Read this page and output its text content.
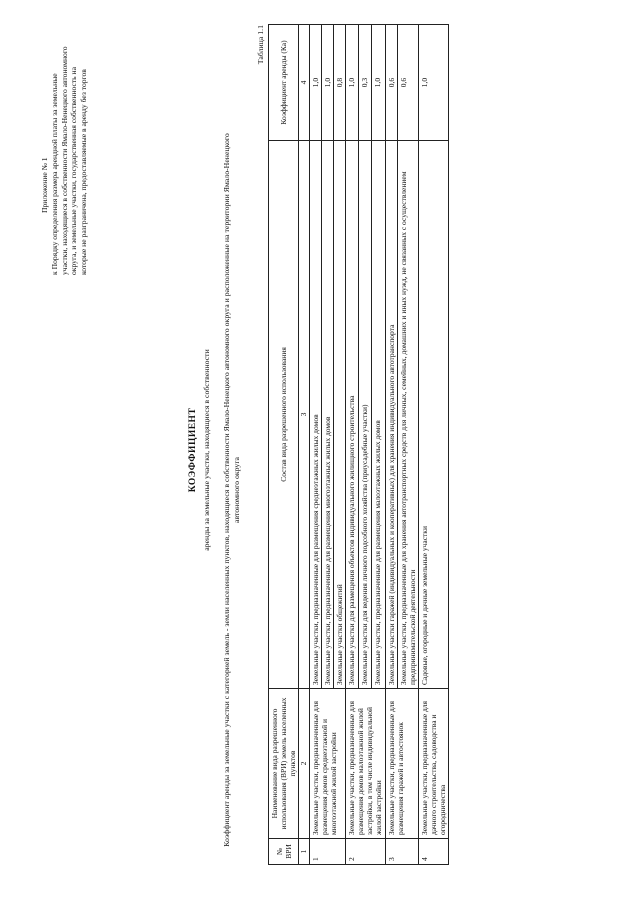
Приложение № 1 к Порядку определения размера арендной платы за земельные участки, находящиеся в собственности Ямало-Ненецкого автономного округа, и земельные участки, государственная собственность на которые не разграничена, предоставляемые в аренду без торгов
КОЭФФИЦИЕНТ аренды за земельные участки, находящиеся в собственности Коэффициент аренды за земельные участки с категорией земель - земли населенных пунктов, находящиеся в собственности Ямало-Ненецкого автономного округа и расположенные на территории Ямало-Ненецкого автономного округа
Таблица 1.1
№ ВРИ	Наименование вида разрешенного использования (ВРИ) земель населенных пунктов	Состав вида разрешенного использования	Коэффициент аренды (Ка)
1	2	3	4
1	Земельные участки, предназначенные для размещения домов среднеэтажной и многоэтажной жилой застройки	Земельные участки, предназначенные для размещения среднеэтажных жилых домов	1,0
		Земельные участки, предназначенные для размещения многоэтажных жилых домов	1,0
		Земельные участки общежитий	0,8
2	Земельные участки, предназначенные для размещения домов малоэтажной жилой застройки, в том числе индивидуальной жилой застройки	Земельные участки для размещения объектов индивидуального жилищного строительства	1,0
		Земельные участки для ведения личного подсобного хозяйства (приусадебные участки)	0,3
		Земельные участки, предназначенные для размещения малоэтажных жилых домов	1,0
3	Земельные участки, предназначенные для размещения гаражей и автостоянок	Земельные участки гаражей (индивидуальных и кооперативных) для хранения индивидуального автотранспорта	0,6
		Земельные участки, предназначенные для хранения автотранспортных средств для личных, семейных, домашних и иных нужд, не связанных с осуществлением предпринимательской деятельности	0,6
4	Земельные участки, предназначенные для дачного строительства, садоводства и огородничества	Садовые, огородные и дачные земельные участки	1,0
